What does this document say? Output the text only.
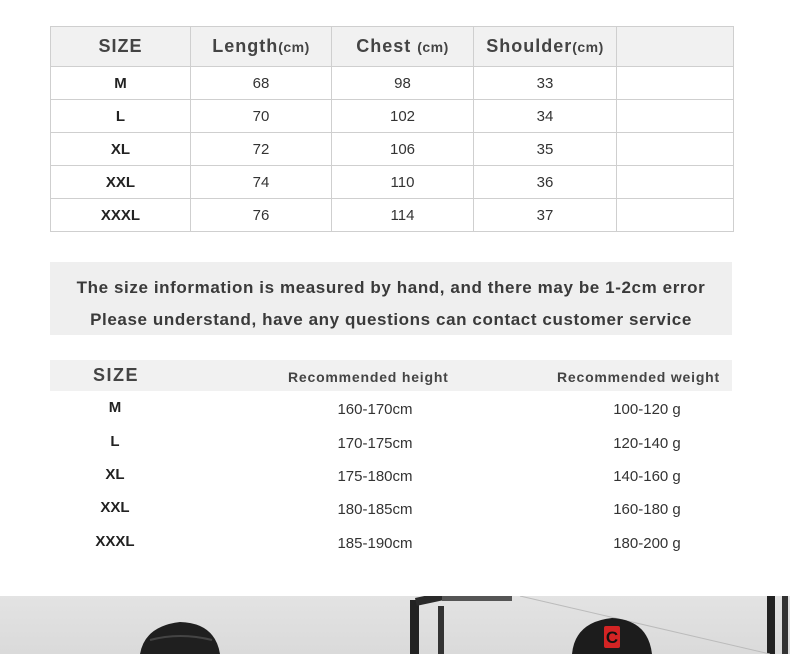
SIZE	Length(cm)	Chest (cm)	Shoulder(cm)	
M	68	98	33	
L	70	102	34	
XL	72	106	35	
XXL	74	110	36	
XXXL	76	114	37	
The size information is measured by hand, and there may be 1-2cm error
Please understand, have any questions can contact customer service
SIZE	Recommended height	Recommended weight
M	160-170cm	100-120 g
L	170-175cm	120-140 g
XL	175-180cm	140-160 g
XXL	180-185cm	160-180 g
XXXL	185-190cm	180-200 g
C
